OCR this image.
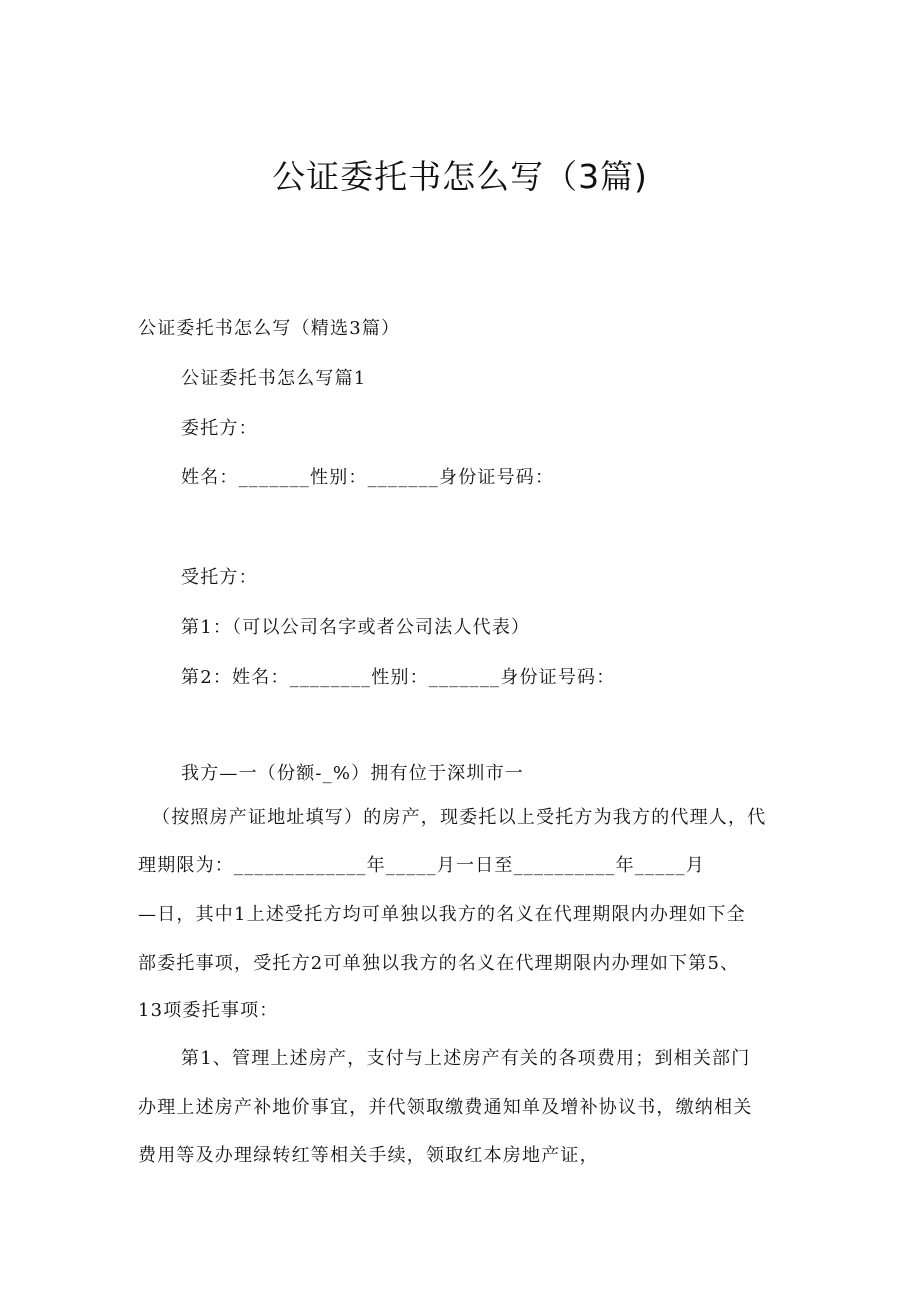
公证委托书怎么写（3篇)
公证委托书怎么写（精选3篇）
公证委托书怎么写篇1
委托方：
姓名：_______性别：_______身份证号码：
受托方：
第1：（可以公司名字或者公司法人代表）
第2：姓名：________性别：_______身份证号码：
我方—一（份额-_%）拥有位于深圳市一
（按照房产证地址填写）的房产，现委托以上受托方为我方的代理人，代
理期限为：_____________年_____月一日至__________年_____月
—日，其中1上述受托方均可单独以我方的名义在代理期限内办理如下全
部委托事项，受托方2可单独以我方的名义在代理期限内办理如下第5、
13项委托事项：
第1、管理上述房产，支付与上述房产有关的各项费用；到相关部门
办理上述房产补地价事宜，并代领取缴费通知单及增补协议书，缴纳相关
费用等及办理绿转红等相关手续，领取红本房地产证，
